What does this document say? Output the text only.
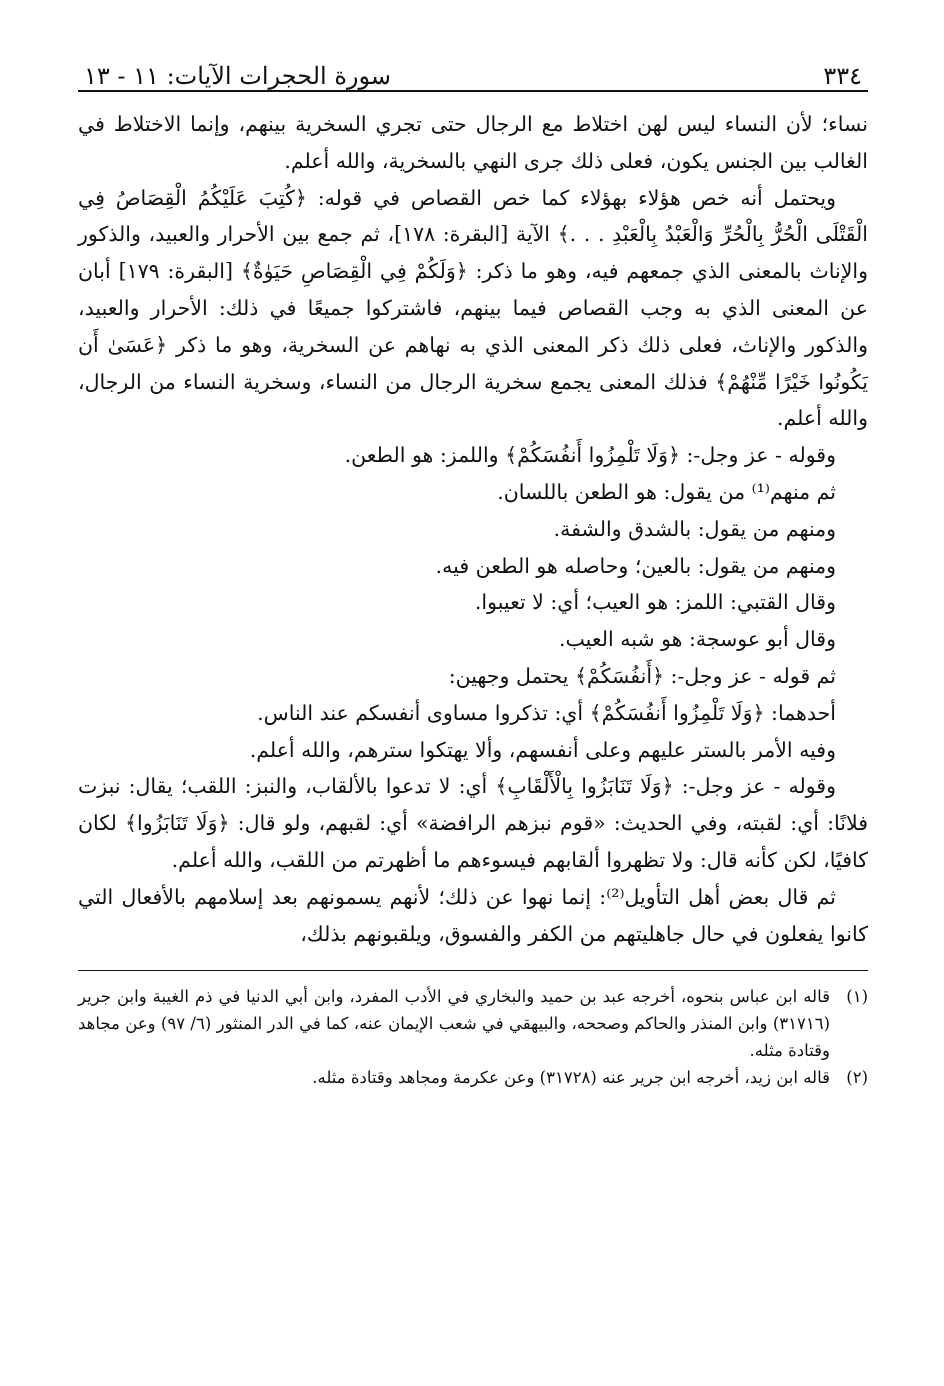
٣٣٤
سورة الحجرات الآيات: ١١ - ١٣

نساء؛ لأن النساء ليس لهن اختلاط مع الرجال حتى تجري السخرية بينهم، وإنما الاختلاط في الغالب بين الجنس يكون، فعلى ذلك جرى النهي بالسخرية، والله أعلم.

ويحتمل أنه خص هؤلاء بهؤلاء كما خص القصاص في قوله: ﴿كُتِبَ عَلَيْكُمُ الْقِصَاصُ فِي الْقَتْلَى الْحُرُّ بِالْحُرِّ وَالْعَبْدُ بِالْعَبْدِ . . .﴾ الآية [البقرة: ١٧٨]، ثم جمع بين الأحرار والعبيد، والذكور والإناث بالمعنى الذي جمعهم فيه، وهو ما ذكر: ﴿وَلَكُمْ فِي الْقِصَاصِ حَيَوٰةٌ﴾ [البقرة: ١٧٩] أبان عن المعنى الذي به وجب القصاص فيما بينهم، فاشتركوا جميعًا في ذلك: الأحرار والعبيد، والذكور والإناث، فعلى ذلك ذكر المعنى الذي به نهاهم عن السخرية، وهو ما ذكر ﴿عَسَىٰ أَن يَكُونُوا خَيْرًا مِّنْهُمْ﴾ فذلك المعنى يجمع سخرية الرجال من النساء، وسخرية النساء من الرجال، والله أعلم.

وقوله - عز وجل-: ﴿وَلَا تَلْمِزُوا أَنفُسَكُمْ﴾ واللمز: هو الطعن.

ثم منهم⁽¹⁾ من يقول: هو الطعن باللسان.

ومنهم من يقول: بالشدق والشفة.

ومنهم من يقول: بالعين؛ وحاصله هو الطعن فيه.

وقال القتبي: اللمز: هو العيب؛ أي: لا تعيبوا.

وقال أبو عوسجة: هو شبه العيب.

ثم قوله - عز وجل-: ﴿أَنفُسَكُمْ﴾ يحتمل وجهين:

أحدهما: ﴿وَلَا تَلْمِزُوا أَنفُسَكُمْ﴾ أي: تذكروا مساوى أنفسكم عند الناس.

وفيه الأمر بالستر عليهم وعلى أنفسهم، وألا يهتكوا سترهم، والله أعلم.

وقوله - عز وجل-: ﴿وَلَا تَنَابَزُوا بِالْأَلْقَابِ﴾ أي: لا تدعوا بالألقاب، والنبز: اللقب؛ يقال: نبزت فلانًا: أي: لقبته، وفي الحديث: «قوم نبزهم الرافضة» أي: لقبهم، ولو قال: ﴿وَلَا تَنَابَزُوا﴾ لكان كافيًا، لكن كأنه قال: ولا تظهروا ألقابهم فيسوءهم ما أظهرتم من اللقب، والله أعلم.

ثم قال بعض أهل التأويل⁽²⁾: إنما نهوا عن ذلك؛ لأنهم يسمونهم بعد إسلامهم بالأفعال التي كانوا يفعلون في حال جاهليتهم من الكفر والفسوق، ويلقبونهم بذلك،

(١)
قاله ابن عباس بنحوه، أخرجه عبد بن حميد والبخاري في الأدب المفرد، وابن أبي الدنيا في ذم الغيبة وابن جرير (٣١٧١٦) وابن المنذر والحاكم وصححه، والبيهقي في شعب الإيمان عنه، كما في الدر المنثور (٦/ ٩٧) وعن مجاهد وقتادة مثله.
(٢)
قاله ابن زيد، أخرجه ابن جرير عنه (٣١٧٢٨) وعن عكرمة ومجاهد وقتادة مثله.
